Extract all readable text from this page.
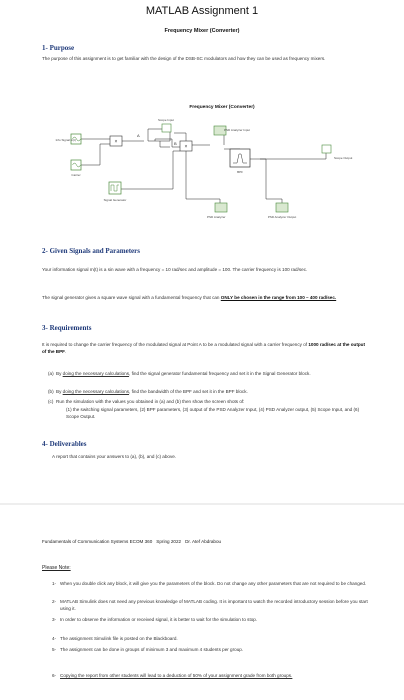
MATLAB Assignment 1
Frequency Mixer (Converter)
1- Purpose
The purpose of this assignment is to get familiar with the design of the DSB-SC modulators and how they can be used as frequency mixers.
Frequency Mixer (Converter)
Info Signal m(t)
Carrier
×
A
Scope Input
PSD Analyzer Input
×
B
Signal Generator
BPF
Scope Output
PSD Analyzer	PSD Analyzer Output
2- Given Signals and Parameters
Your information signal m(t) is a sin wave with a frequency = 10 rad/sec and amplitude = 100. The carrier frequency is 100 rad/sec.
The signal generator gives a square wave signal with a fundamental frequency that can ONLY be chosen in the range from 100 – 400 rad/sec.
3- Requirements
It is required to change the carrier frequency of the modulated signal at Point A to be a modulated signal with a carrier frequency of 1000 rad/sec at the output of the BPF.
(a) By doing the necessary calculations, find the signal generator fundamental frequency and set it in the Signal Generator block.
(b) By doing the necessary calculations, find the bandwidth of the BPF and set it in the BPF block.
(c) Run the simulation with the values you obtained in (a) and (b) then show the screen shots of:
(1) the switching signal parameters, (2) BPF parameters, (3) output of the PSD Analyzer Input, (4) PSD Analyzer output, (5) Scope Input, and (6) Scope Output.
4- Deliverables
A report that contains your answers to (a), (b), and (c) above.
Fundamentals of Communication Systems ECOM 360 Spring 2022 Dr. Atef Abdrabou
Please Note:
1- When you double click any block, it will give you the parameters of the block. Do not change any other parameters that are not required to be changed.
2- MATLAB Simulink does not need any previous knowledge of MATLAB coding. It is important to watch the recorded introductory session before you start using it.
3- In order to observe the information or received signal, it is better to wait for the simulation to stop.
4- The assignment Simulink file is posted on the Blackboard.
5- The assignment can be done in groups of minimum 3 and maximum 4 students per group.
6- Copying the report from other students will lead to a deduction of 50% of your assignment grade from both groups.
